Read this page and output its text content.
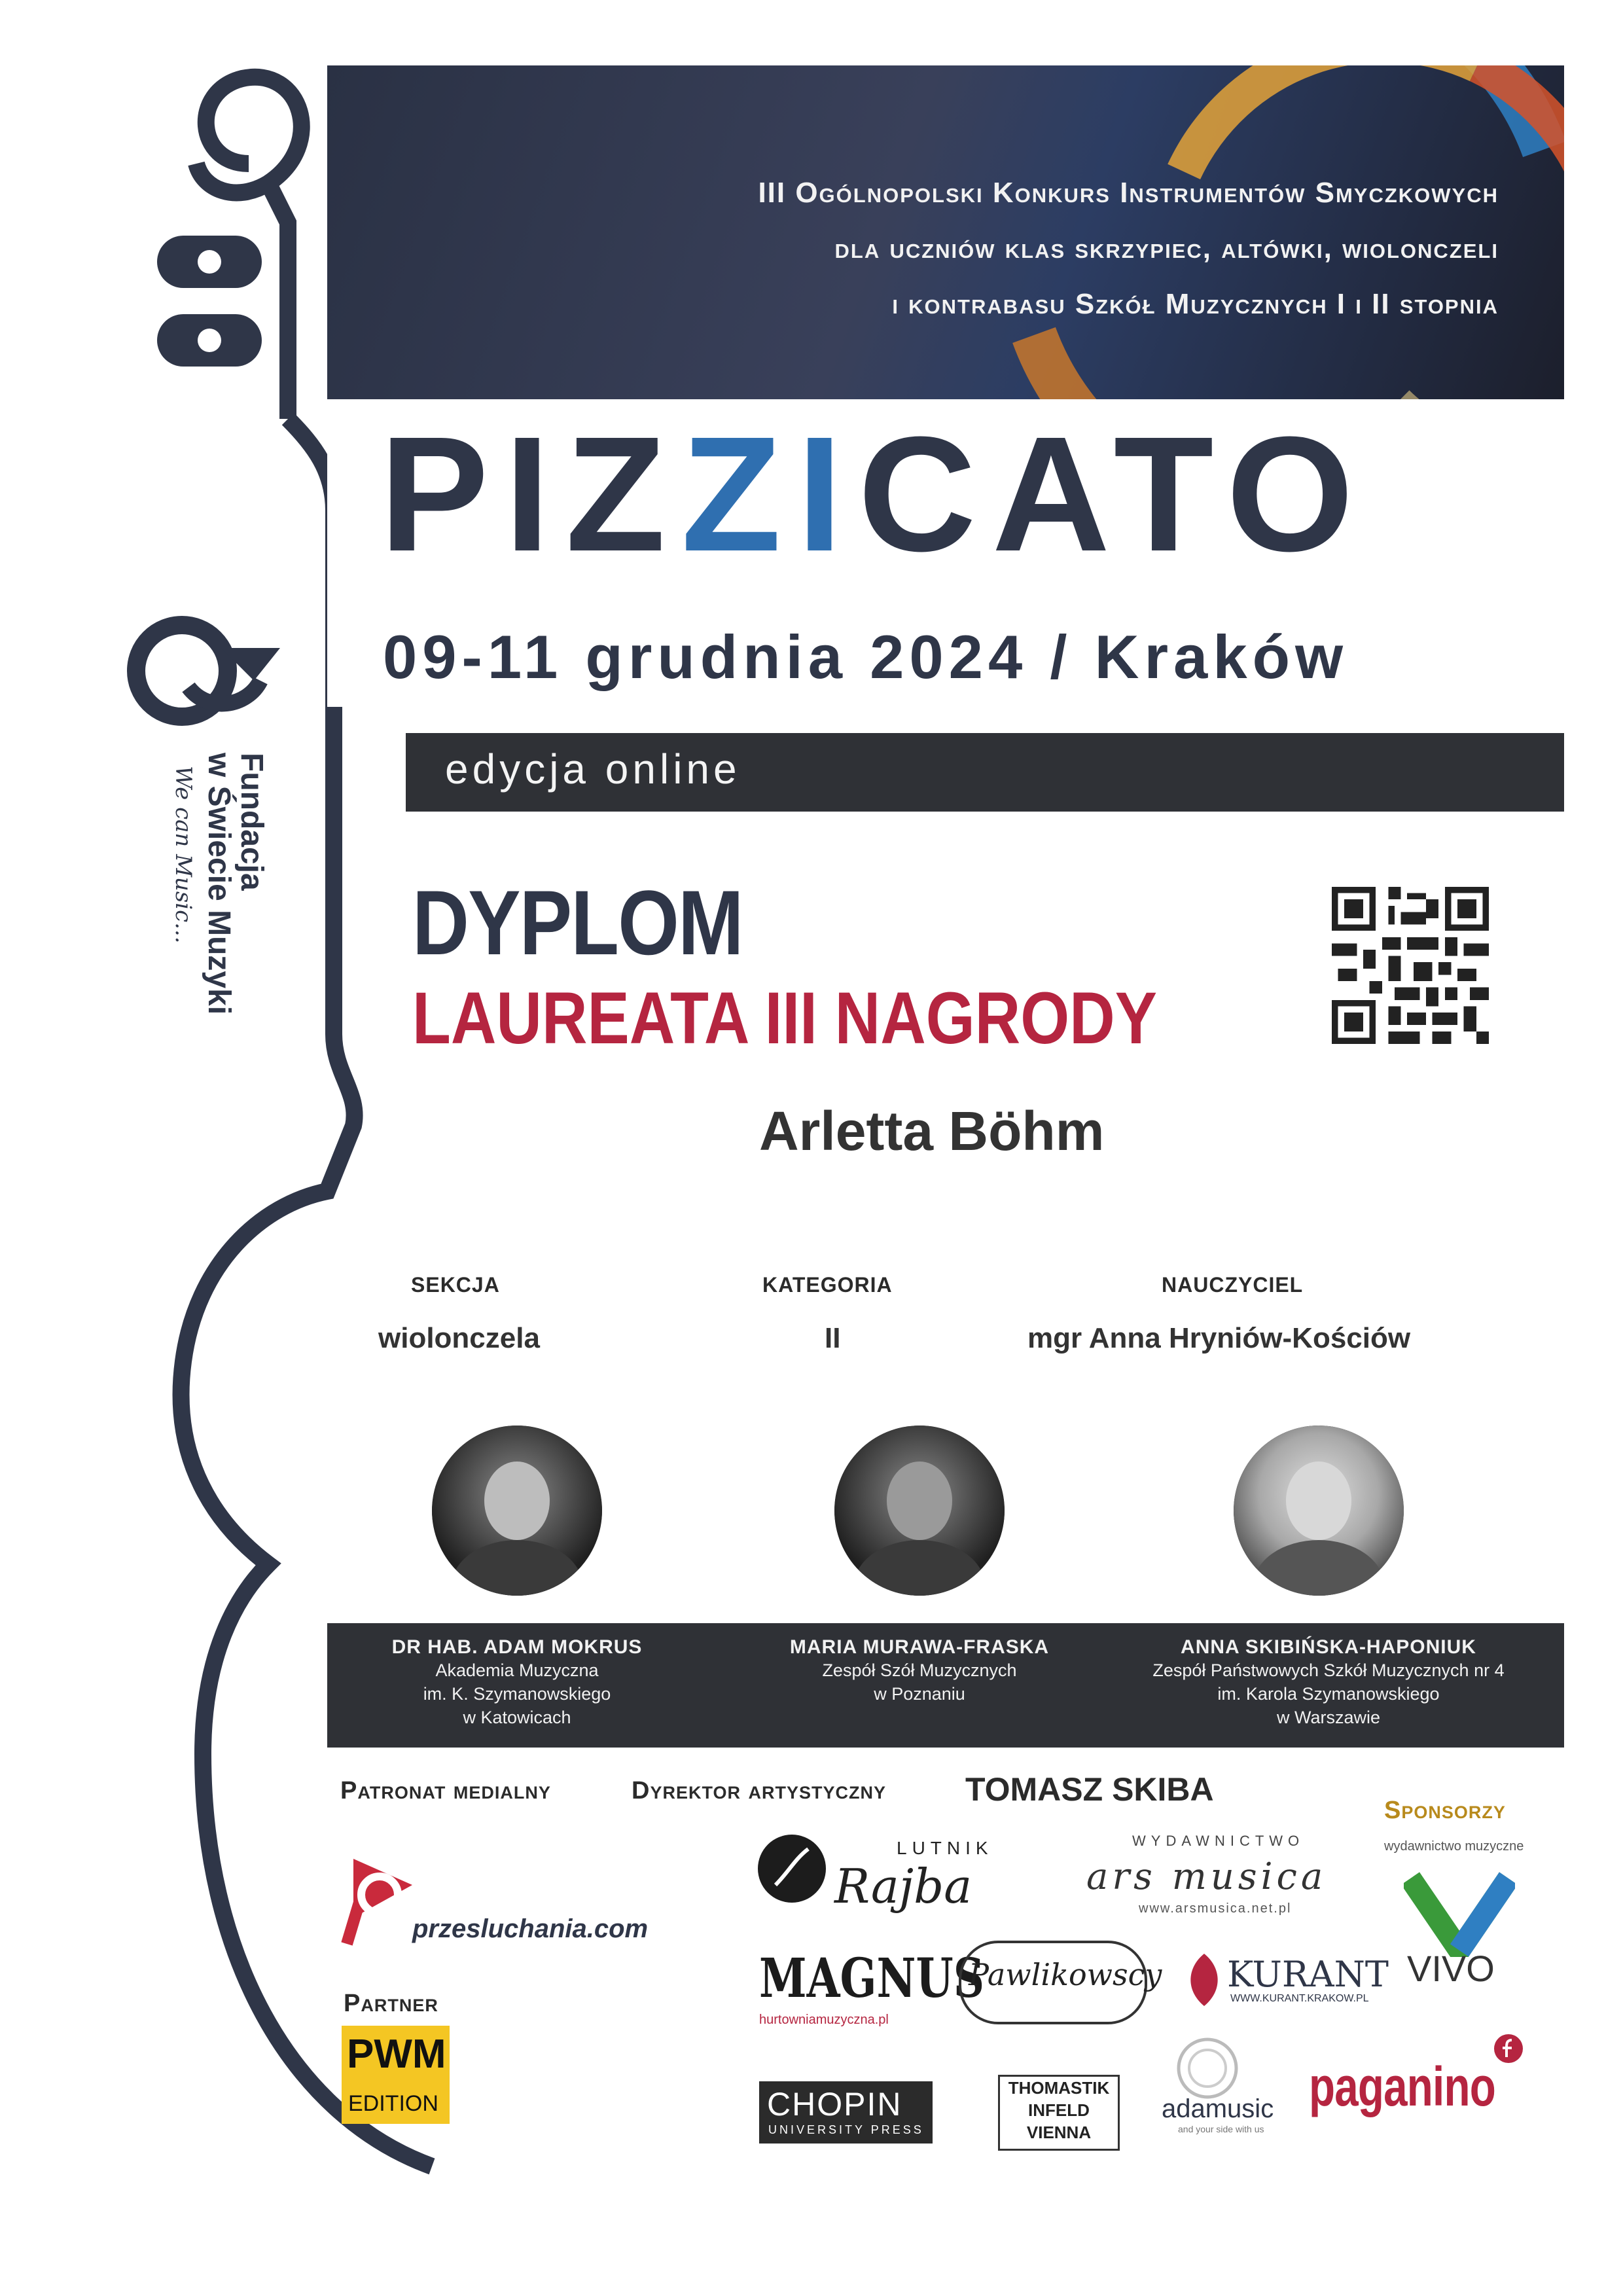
III Ogólnopolski Konkurs Instrumentów Smyczkowych
dla uczniów klas skrzypiec, altówki, wiolonczeli
i kontrabasu Szkół Muzycznych I i II stopnia
PIZZICATO
09-11 grudnia 2024 / Kraków
edycja online
Fundacja
w Świecie Muzyki
We can Music... DYPLOM
LAUREATA III NAGRODY
Arletta Böhm
SEKCJA
wiolonczela
KATEGORIA
II
NAUCZYCIEL
mgr Anna Hryniów-Kościów
DR HAB. ADAM MOKRUS
Akademia Muzyczna
im. K. Szymanowskiego
w Katowicach
MARIA MURAWA-FRASKA
Zespół Szół Muzycznych
w Poznaniu
ANNA SKIBIŃSKA-HAPONIUK
Zespół Państwowych Szkół Muzycznych nr 4
im. Karola Szymanowskiego
w Warszawie
Patronat medialny	Dyrektor artystyczny TOMASZ SKIBA
Sponsorzy
Partner
przesluchania.com
PWM
EDITION
LUTNIK
Rajba
WYDAWNICTWO
ars musica
www.arsmusica.net.pl
wydawnictwo muzyczne
VIVO
MAGNUS
hurtowniamuzyczna.pl
Pawlikowscy KURANT
WWW.KURANT.KRAKOW.PL
CHOPIN
UNIVERSITY PRESS
THOMASTIK
INFELD
VIENNA
adamusic
and your side with us
paganino
